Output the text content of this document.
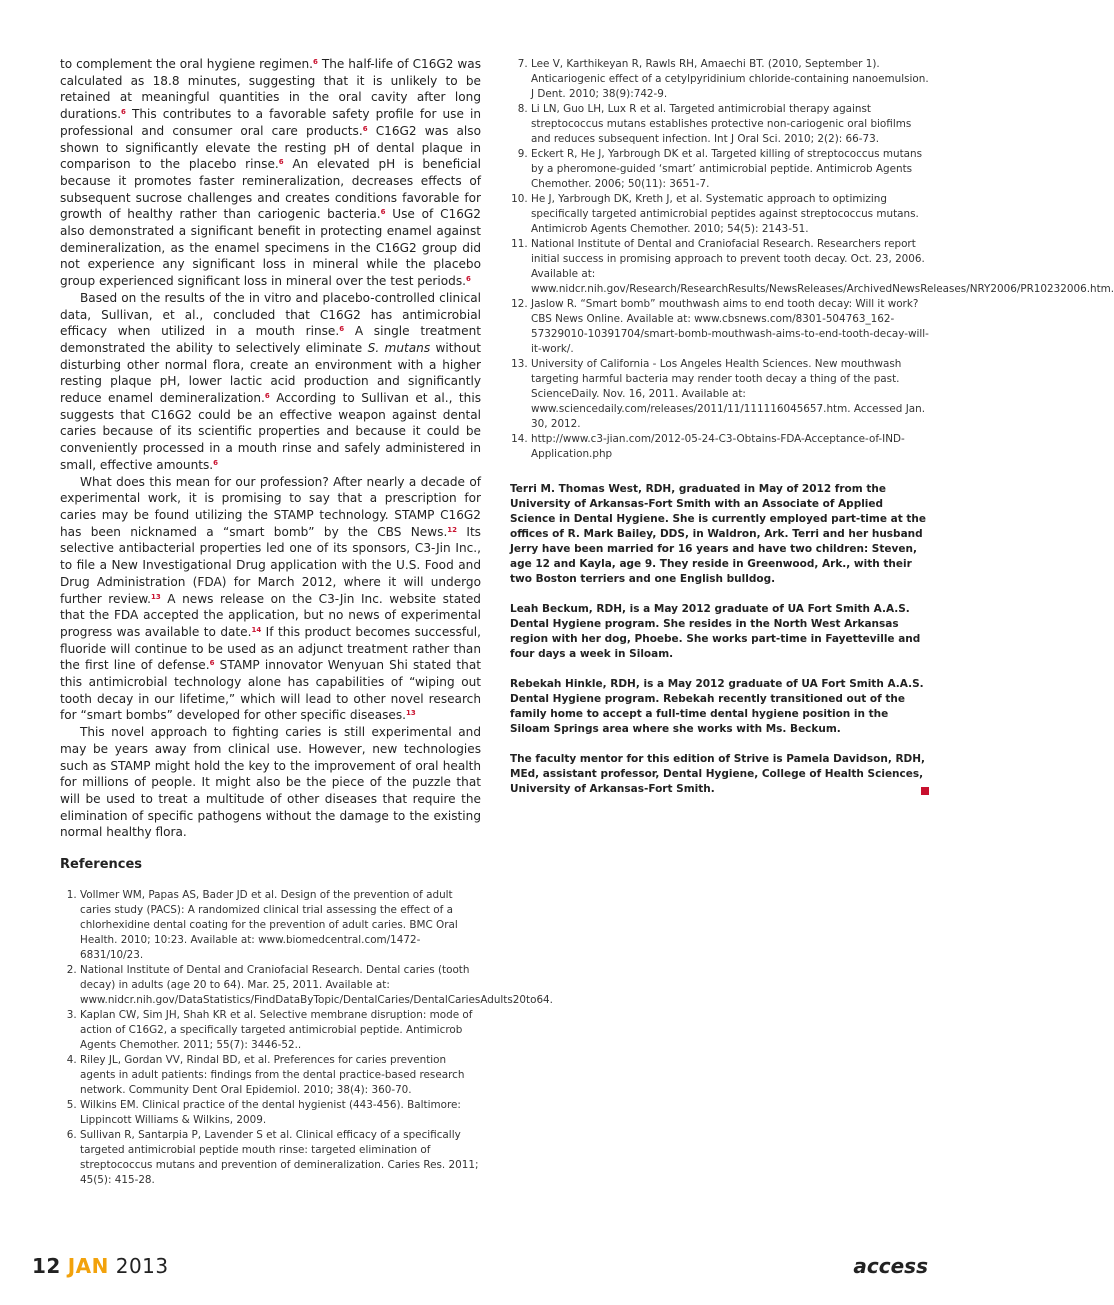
to complement the oral hygiene regimen.$^6$ The half-life of C16G2 was calculated as 18.8 minutes, suggesting that it is unlikely to be retained at meaningful quantities in the oral cavity after long durations.$^6$ This contributes to a favorable safety profile for use in professional and consumer oral care products.$^6$ C16G2 was also shown to significantly elevate the resting pH of dental plaque in comparison to the placebo rinse.$^6$ An elevated pH is beneficial because it promotes faster remineralization, decreases effects of subsequent sucrose challenges and creates conditions favorable for growth of healthy rather than cariogenic bacteria.$^6$ Use of C16G2 also demonstrated a significant benefit in protecting enamel against demineralization, as the enamel specimens in the C16G2 group did not experience any significant loss in mineral while the placebo group experienced significant loss in mineral over the test periods.$^6$

Based on the results of the in vitro and placebo-controlled clinical data, Sullivan, et al., concluded that C16G2 has antimicrobial efficacy when utilized in a mouth rinse.$^6$ A single treatment demonstrated the ability to selectively eliminate S. mutans without disturbing other normal flora, create an environment with a higher resting plaque pH, lower lactic acid production and significantly reduce enamel demineralization.$^6$ According to Sullivan et al., this suggests that C16G2 could be an effective weapon against dental caries because of its scientific properties and because it could be conveniently processed in a mouth rinse and safely administered in small, effective amounts.$^6$

What does this mean for our profession? After nearly a decade of experimental work, it is promising to say that a prescription for caries may be found utilizing the STAMP technology. STAMP C16G2 has been nicknamed a “smart bomb” by the CBS News.$^{12}$ Its selective antibacterial properties led one of its sponsors, C3-Jin Inc., to file a New Investigational Drug application with the U.S. Food and Drug Administration (FDA) for March 2012, where it will undergo further review.$^{13}$ A news release on the C3-Jin Inc. website stated that the FDA accepted the application, but no news of experimental progress was available to date.$^{14}$ If this product becomes successful, fluoride will continue to be used as an adjunct treatment rather than the first line of defense.$^6$ STAMP innovator Wenyuan Shi stated that this antimicrobial technology alone has capabilities of “wiping out tooth decay in our lifetime,” which will lead to other novel research for “smart bombs” developed for other specific diseases.$^{13}$

This novel approach to fighting caries is still experimental and may be years away from clinical use. However, new technologies such as STAMP might hold the key to the improvement of oral health for millions of people. It might also be the piece of the puzzle that will be used to treat a multitude of other diseases that require the elimination of specific pathogens without the damage to the existing normal healthy flora.

References
1. Vollmer WM, Papas AS, Bader JD et al. Design of the prevention of adult caries study (PACS): A randomized clinical trial assessing the effect of a chlorhexidine dental coating for the prevention of adult caries. BMC Oral Health. 2010; 10:23. Available at: www.biomedcentral.com/1472-6831/10/23.
2. National Institute of Dental and Craniofacial Research. Dental caries (tooth decay) in adults (age 20 to 64). Mar. 25, 2011. Available at: www.nidcr.nih.gov/DataStatistics/FindDataByTopic/DentalCaries/DentalCariesAdults20to64.
3. Kaplan CW, Sim JH, Shah KR et al. Selective membrane disruption: mode of action of C16G2, a specifically targeted antimicrobial peptide. Antimicrob Agents Chemother. 2011; 55(7): 3446-52..
4. Riley JL, Gordan VV, Rindal BD, et al. Preferences for caries prevention agents in adult patients: findings from the dental practice-based research network. Community Dent Oral Epidemiol. 2010; 38(4): 360-70.
5. Wilkins EM. Clinical practice of the dental hygienist (443-456). Baltimore: Lippincott Williams & Wilkins, 2009.
6. Sullivan R, Santarpia P, Lavender S et al. Clinical efficacy of a specifically targeted antimicrobial peptide mouth rinse: targeted elimination of streptococcus mutans and prevention of demineralization. Caries Res. 2011; 45(5): 415-28.
7. Lee V, Karthikeyan R, Rawls RH, Amaechi BT. (2010, September 1). Anticariogenic effect of a cetylpyridinium chloride-containing nanoemulsion. J Dent. 2010; 38(9):742-9.
8. Li LN, Guo LH, Lux R et al. Targeted antimicrobial therapy against streptococcus mutans establishes protective non-cariogenic oral biofilms and reduces subsequent infection. Int J Oral Sci. 2010; 2(2): 66-73.
9. Eckert R, He J, Yarbrough DK et al. Targeted killing of streptococcus mutans by a pheromone-guided ‘smart’ antimicrobial peptide. Antimicrob Agents Chemother. 2006; 50(11): 3651-7.
10. He J, Yarbrough DK, Kreth J, et al. Systematic approach to optimizing specifically targeted antimicrobial peptides against streptococcus mutans. Antimicrob Agents Chemother. 2010; 54(5): 2143-51.
11. National Institute of Dental and Craniofacial Research. Researchers report initial success in promising approach to prevent tooth decay. Oct. 23, 2006. Available at: www.nidcr.nih.gov/Research/ResearchResults/NewsReleases/ArchivedNewsReleases/NRY2006/PR10232006.htm.
12. Jaslow R. “Smart bomb” mouthwash aims to end tooth decay: Will it work? CBS News Online. Available at: www.cbsnews.com/8301-504763_162-57329010-10391704/smart-bomb-mouthwash-aims-to-end-tooth-decay-will-it-work/.
13. University of California - Los Angeles Health Sciences. New mouthwash targeting harmful bacteria may render tooth decay a thing of the past. ScienceDaily. Nov. 16, 2011. Available at: www.sciencedaily.com/releases/2011/11/111116045657.htm. Accessed Jan. 30, 2012.
14. http://www.c3-jian.com/2012-05-24-C3-Obtains-FDA-Acceptance-of-IND-Application.php

Terri M. Thomas West, RDH, graduated in May of 2012 from the University of Arkansas-Fort Smith with an Associate of Applied Science in Dental Hygiene. She is currently employed part-time at the offices of R. Mark Bailey, DDS, in Waldron, Ark. Terri and her husband Jerry have been married for 16 years and have two children: Steven, age 12 and Kayla, age 9. They reside in Greenwood, Ark., with their two Boston terriers and one English bulldog.

Leah Beckum, RDH, is a May 2012 graduate of UA Fort Smith A.A.S. Dental Hygiene program. She resides in the North West Arkansas region with her dog, Phoebe. She works part-time in Fayetteville and four days a week in Siloam.

Rebekah Hinkle, RDH, is a May 2012 graduate of UA Fort Smith A.A.S. Dental Hygiene program. Rebekah recently transitioned out of the family home to accept a full-time dental hygiene position in the Siloam Springs area where she works with Ms. Beckum.

The faculty mentor for this edition of Strive is Pamela Davidson, RDH, MEd, assistant professor, Dental Hygiene, College of Health Sciences, University of Arkansas-Fort Smith.

12 JAN 2013	access
